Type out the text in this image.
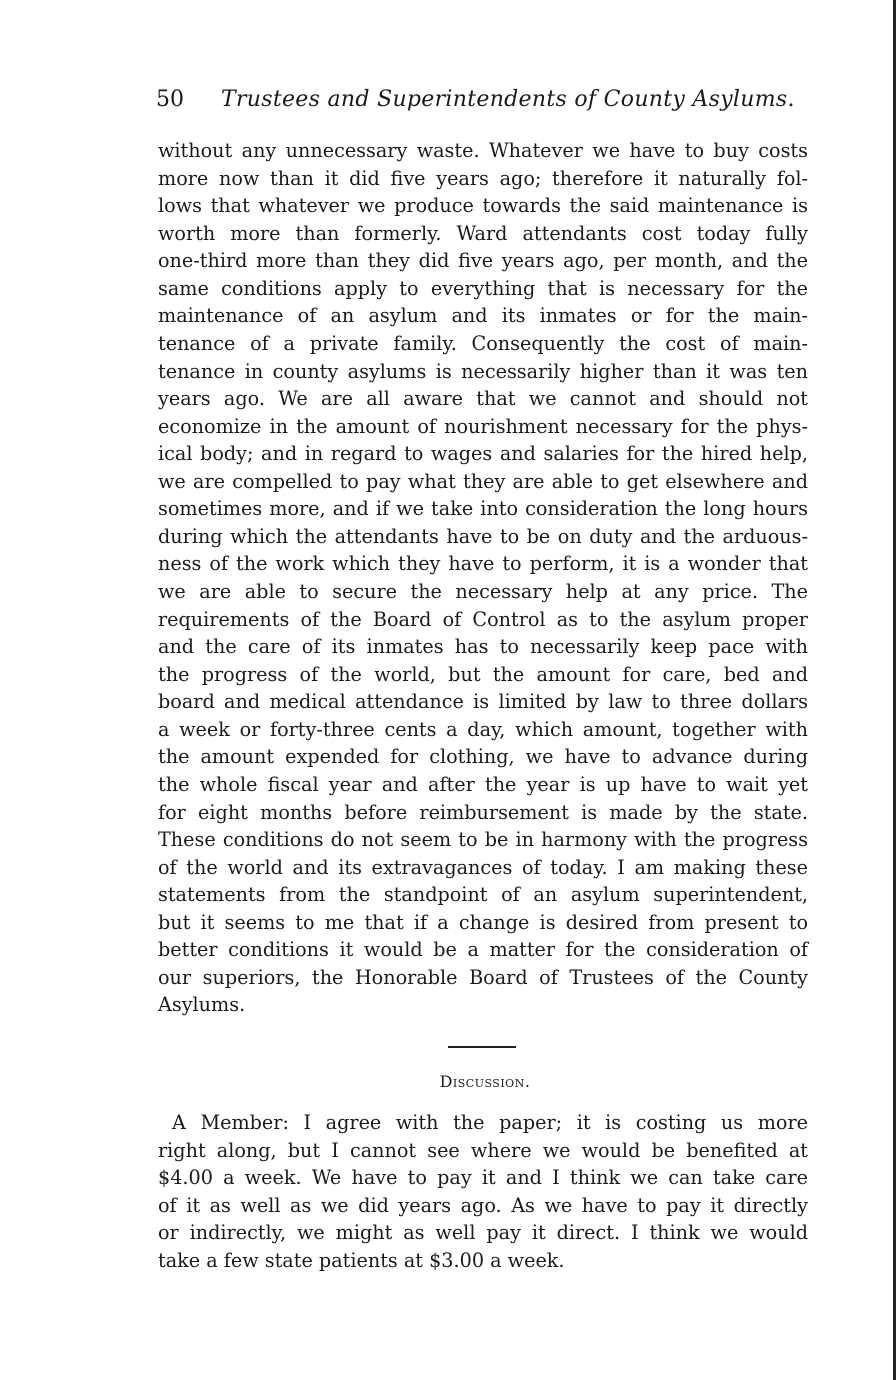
50 Trustees and Superintendents of County Asylums.
without any unnecessary waste. Whatever we have to buy costs
more now than it did five years ago; therefore it naturally fol-
lows that whatever we produce towards the said maintenance is
worth more than formerly. Ward attendants cost today fully
one-third more than they did five years ago, per month, and the
same conditions apply to everything that is necessary for the
maintenance of an asylum and its inmates or for the main-
tenance of a private family. Consequently the cost of main-
tenance in county asylums is necessarily higher than it was ten
years ago. We are all aware that we cannot and should not
economize in the amount of nourishment necessary for the phys-
ical body; and in regard to wages and salaries for the hired help,
we are compelled to pay what they are able to get elsewhere and
sometimes more, and if we take into consideration the long hours
during which the attendants have to be on duty and the arduous-
ness of the work which they have to perform, it is a wonder that
we are able to secure the necessary help at any price. The
requirements of the Board of Control as to the asylum proper
and the care of its inmates has to necessarily keep pace with
the progress of the world, but the amount for care, bed and
board and medical attendance is limited by law to three dollars
a week or forty-three cents a day, which amount, together with
the amount expended for clothing, we have to advance during
the whole fiscal year and after the year is up have to wait yet
for eight months before reimbursement is made by the state.
These conditions do not seem to be in harmony with the progress
of the world and its extravagances of today. I am making these
statements from the standpoint of an asylum superintendent,
but it seems to me that if a change is desired from present to
better conditions it would be a matter for the consideration of
our superiors, the Honorable Board of Trustees of the County
Asylums.
Discussion.
A Member: I agree with the paper; it is costing us more
right along, but I cannot see where we would be benefited at
$4.00 a week. We have to pay it and I think we can take care
of it as well as we did years ago. As we have to pay it directly
or indirectly, we might as well pay it direct. I think we would
take a few state patients at $3.00 a week.
